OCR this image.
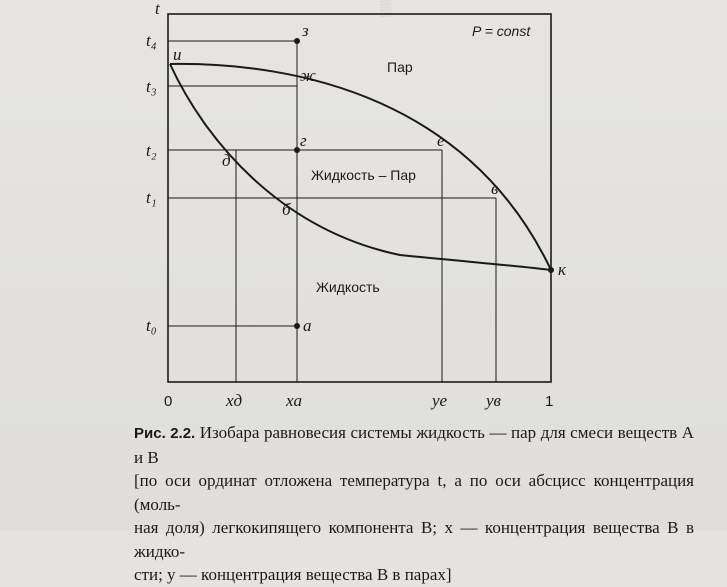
▒
t
t₄
t₃
t₂
t₁
t₀
0	xд	xa	yе yв	1
з
ж
г	е
д
б
в
а
и
к
Пар
Жидкость – Пар
Жидкость
P = const
Рис. 2.2. Изобара равновесия системы жидкость — пар для смеси веществ А и В
[по оси ординат отложена температура t, а по оси абсцисс концентрация (моль-
ная доля) легкокипящего компонента В; x — концентрация вещества В в жидко-
сти; y — концентрация вещества В в парах]
